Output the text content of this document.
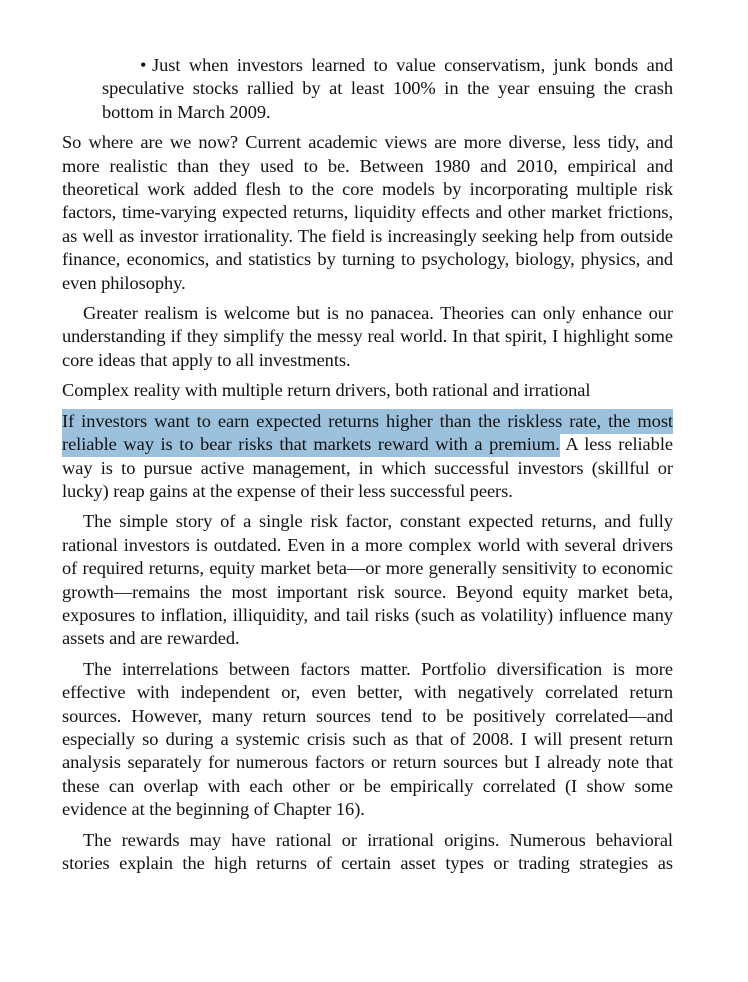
• Just when investors learned to value conservatism, junk bonds and speculative stocks rallied by at least 100% in the year ensuing the crash bottom in March 2009.

So where are we now? Current academic views are more diverse, less tidy, and more realistic than they used to be. Between 1980 and 2010, empirical and theoretical work added flesh to the core models by incorporating multiple risk factors, time-varying expected returns, liquidity effects and other market frictions, as well as investor irrationality. The field is increasingly seeking help from outside finance, economics, and statistics by turning to psychology, biology, physics, and even philosophy.

Greater realism is welcome but is no panacea. Theories can only enhance our understanding if they simplify the messy real world. In that spirit, I highlight some core ideas that apply to all investments.

Complex reality with multiple return drivers, both rational and irrational

If investors want to earn expected returns higher than the riskless rate, the most reliable way is to bear risks that markets reward with a premium. A less reliable way is to pursue active management, in which successful investors (skillful or lucky) reap gains at the expense of their less successful peers.

The simple story of a single risk factor, constant expected returns, and fully rational investors is outdated. Even in a more complex world with several drivers of required returns, equity market beta—or more generally sensitivity to economic growth—remains the most important risk source. Beyond equity market beta, exposures to inflation, illiquidity, and tail risks (such as volatility) influence many assets and are rewarded.

The interrelations between factors matter. Portfolio diversification is more effective with independent or, even better, with negatively correlated return sources. However, many return sources tend to be positively correlated—and especially so during a systemic crisis such as that of 2008. I will present return analysis separately for numerous factors or return sources but I already note that these can overlap with each other or be empirically correlated (I show some evidence at the beginning of Chapter 16).

The rewards may have rational or irrational origins. Numerous behavioral stories explain the high returns of certain asset types or trading strategies as
